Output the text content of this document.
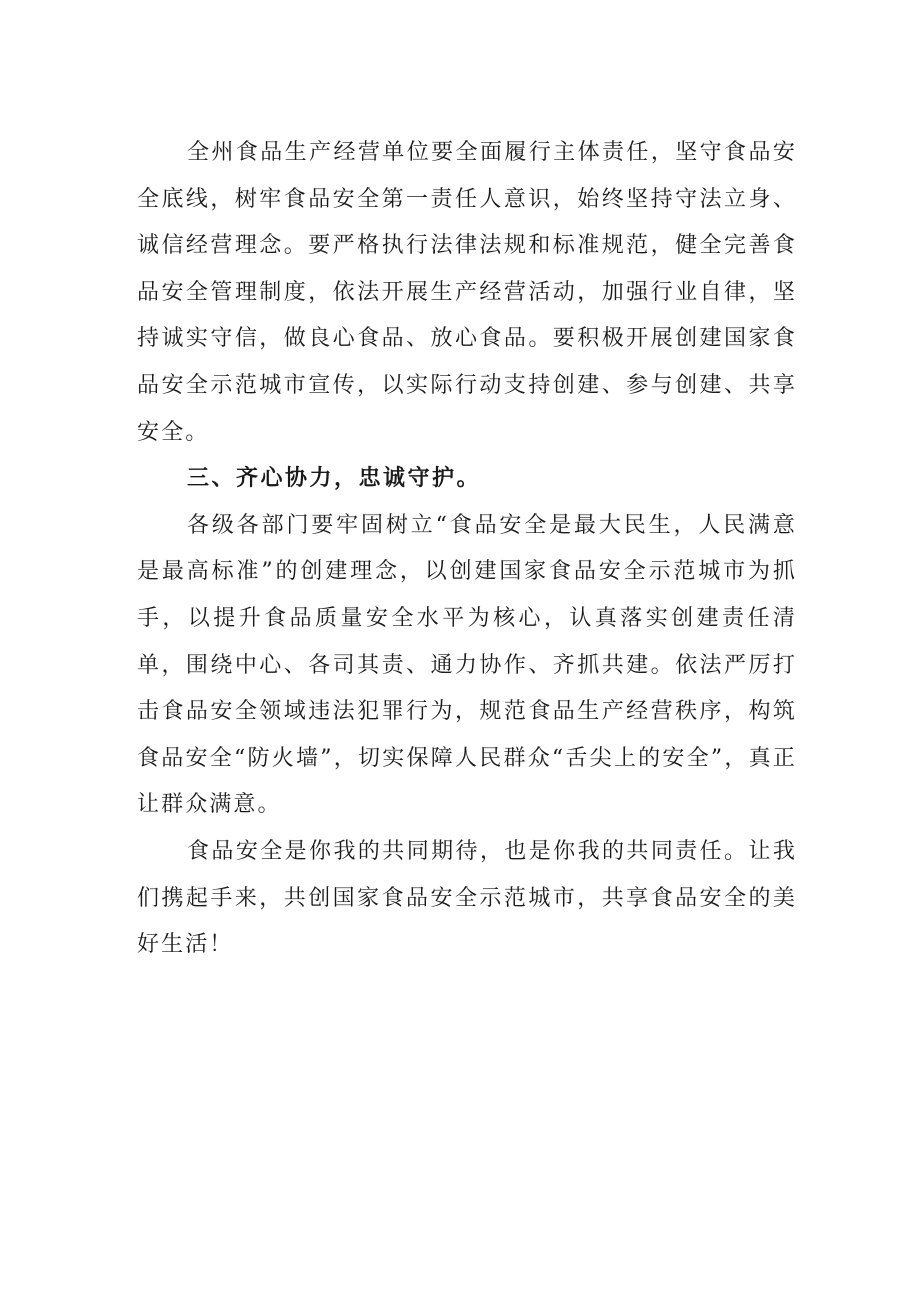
全州食品生产经营单位要全面履行主体责任，坚守食品安全底线，树牢食品安全第一责任人意识，始终坚持守法立身、诚信经营理念。要严格执行法律法规和标准规范，健全完善食品安全管理制度，依法开展生产经营活动，加强行业自律，坚持诚实守信，做良心食品、放心食品。要积极开展创建国家食品安全示范城市宣传，以实际行动支持创建、参与创建、共享安全。

三、齐心协力，忠诚守护。

各级各部门要牢固树立“食品安全是最大民生，人民满意是最高标准”的创建理念，以创建国家食品安全示范城市为抓手，以提升食品质量安全水平为核心，认真落实创建责任清单，围绕中心、各司其责、通力协作、齐抓共建。依法严厉打击食品安全领域违法犯罪行为，规范食品生产经营秩序，构筑食品安全“防火墙”，切实保障人民群众“舌尖上的安全”，真正让群众满意。

食品安全是你我的共同期待，也是你我的共同责任。让我们携起手来，共创国家食品安全示范城市，共享食品安全的美好生活！
